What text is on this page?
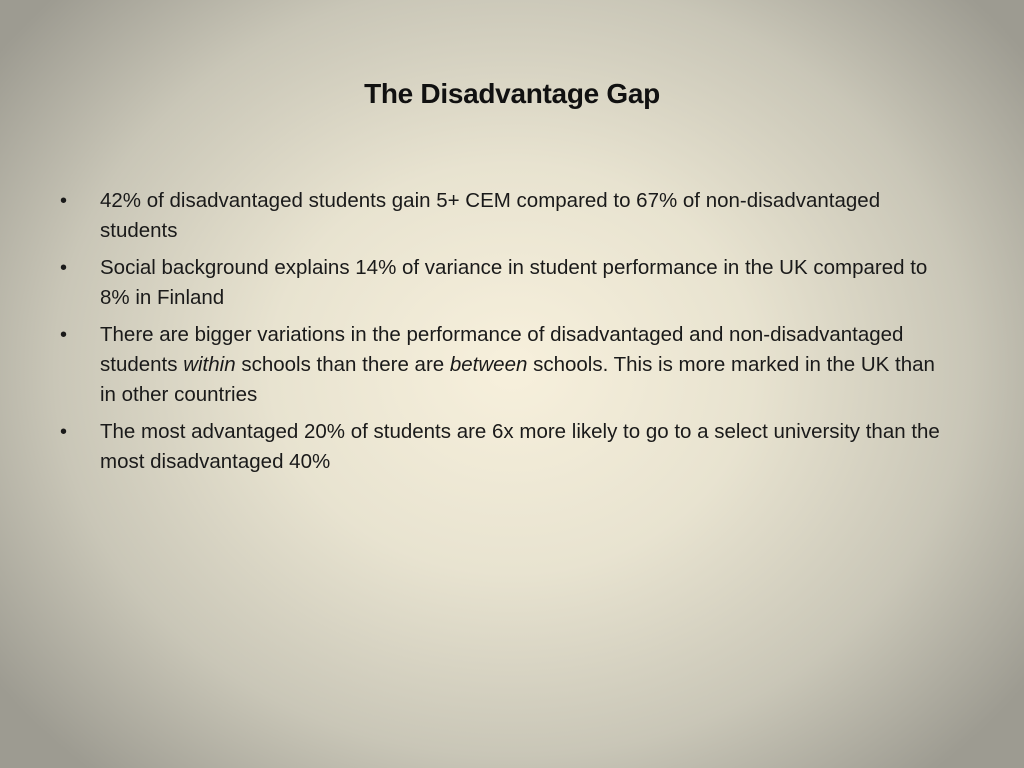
The Disadvantage Gap
•	42% of disadvantaged students gain 5+ CEM compared to 67% of non-disadvantaged students
•	Social background explains 14% of variance in student performance in the UK compared to 8% in Finland
•	There are bigger variations in the performance of disadvantaged and non-disadvantaged students within schools than there are between schools. This is more marked in the UK than in other countries
•	The most advantaged 20% of students are 6x more likely to go to a select university than the most disadvantaged 40%
